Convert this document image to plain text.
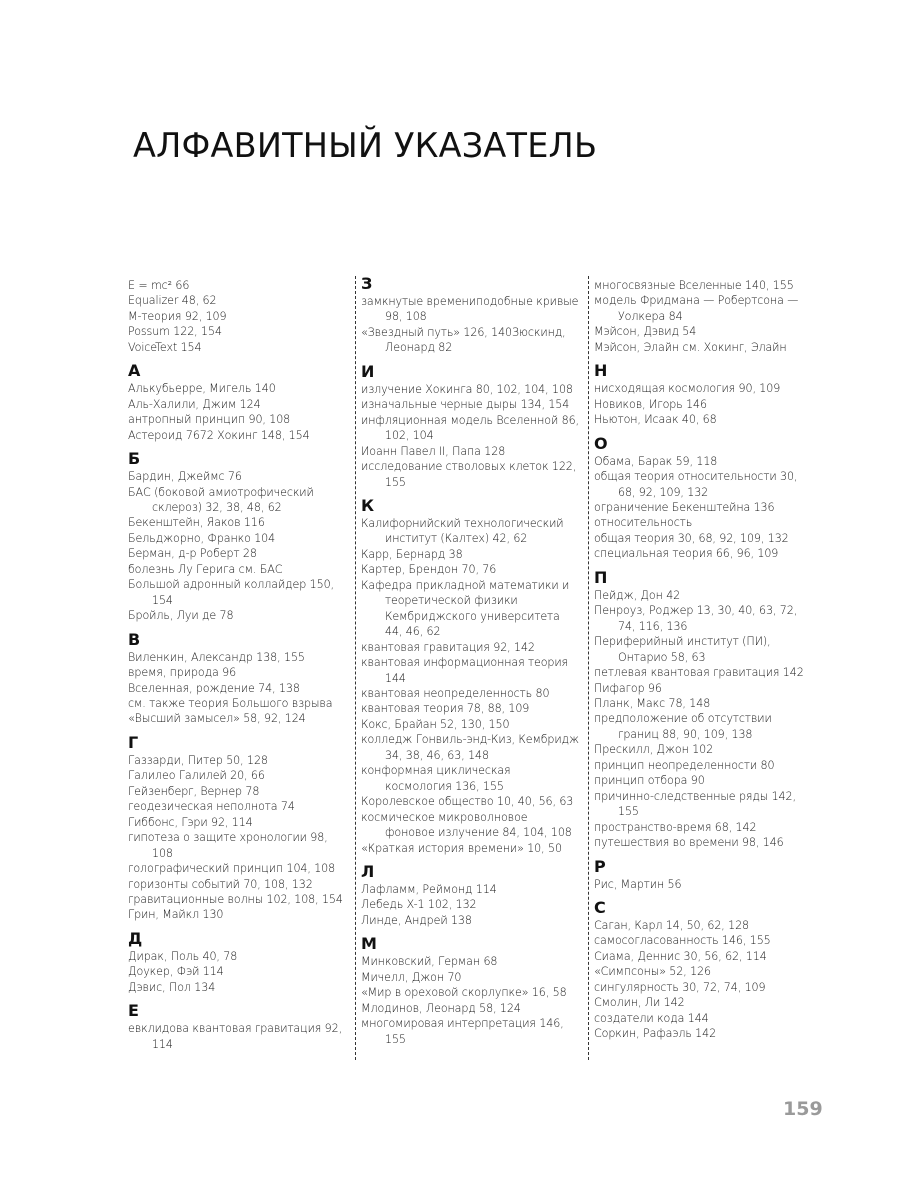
АЛФАВИТНЫЙ УКАЗАТЕЛЬ
E = mc² 66
Equalizer 48, 62
M-теория 92, 109
Possum 122, 154
VoiceText 154
А
Алькубьерре, Мигель 140
Аль-Халили, Джим 124
антропный принцип 90, 108
Астероид 7672 Хокинг 148, 154
Б
Бардин, Джеймс 76
БАС (боковой амиотрофический склероз) 32, 38, 48, 62
Бекенштейн, Яаков 116
Бельджорно, Франко 104
Берман, д-р Роберт 28
болезнь Лу Герига см. БАС
Большой адронный коллайдер 150, 154
Бройль, Луи де 78
В
Виленкин, Александр 138, 155
время, природа 96
Вселенная, рождение 74, 138
см. также теория Большого взрыва
«Высший замысел» 58, 92, 124
Г
Газзарди, Питер 50, 128
Галилео Галилей 20, 66
Гейзенберг, Вернер 78
геодезическая неполнота 74
Гиббонс, Гэри 92, 114
гипотеза о защите хронологии 98, 108
голографический принцип 104, 108
горизонты событий 70, 108, 132
гравитационные волны 102, 108, 154
Грин, Майкл 130
Д
Дирак, Поль 40, 78
Доукер, Фэй 114
Дэвис, Пол 134
Е
евклидова квантовая гравитация 92, 114
З
замкнутые времениподобные кривые 98, 108
«Звездный путь» 126, 140Зюскинд, Леонард 82
И
излучение Хокинга 80, 102, 104, 108
изначальные черные дыры 134, 154
инфляционная модель Вселенной 86, 102, 104
Иоанн Павел II, Папа 128
исследование стволовых клеток 122, 155
К
Калифорнийский технологический институт (Калтех) 42, 62
Карр, Бернард 38
Картер, Брендон 70, 76
Кафедра прикладной математики и теоретической физики Кембриджского университета 44, 46, 62
квантовая гравитация 92, 142
квантовая информационная теория 144
квантовая неопределенность 80
квантовая теория 78, 88, 109
Кокс, Брайан 52, 130, 150
колледж Гонвиль-энд-Киз, Кембридж 34, 38, 46, 63, 148
конформная циклическая космология 136, 155
Королевское общество 10, 40, 56, 63
космическое микроволновое фоновое излучение 84, 104, 108
«Краткая история времени» 10, 50
Л
Лафламм, Реймонд 114
Лебедь X-1 102, 132
Линде, Андрей 138
М
Минковский, Герман 68
Мичелл, Джон 70
«Мир в ореховой скорлупке» 16, 58
Млодинов, Леонард 58, 124
многомировая интерпретация 146, 155
многосвязные Вселенные 140, 155
модель Фридмана — Робертсона — Уолкера 84
Мэйсон, Дэвид 54
Мэйсон, Элайн см. Хокинг, Элайн
Н
нисходящая космология 90, 109
Новиков, Игорь 146
Ньютон, Исаак 40, 68
О
Обама, Барак 59, 118
общая теория относительности 30, 68, 92, 109, 132
ограничение Бекенштейна 136
относительность
общая теория 30, 68, 92, 109, 132
специальная теория 66, 96, 109
П
Пейдж, Дон 42
Пенроуз, Роджер 13, 30, 40, 63, 72, 74, 116, 136
Периферийный институт (ПИ), Онтарио 58, 63
петлевая квантовая гравитация 142
Пифагор 96
Планк, Макс 78, 148
предположение об отсутствии границ 88, 90, 109, 138
Прескилл, Джон 102
принцип неопределенности 80
принцип отбора 90
причинно-следственные ряды 142, 155
пространство-время 68, 142
путешествия во времени 98, 146
Р
Рис, Мартин 56
С
Саган, Карл 14, 50, 62, 128
самосогласованность 146, 155
Сиама, Деннис 30, 56, 62, 114
«Симпсоны» 52, 126
сингулярность 30, 72, 74, 109
Смолин, Ли 142
создатели кода 144
Соркин, Рафаэль 142
159
